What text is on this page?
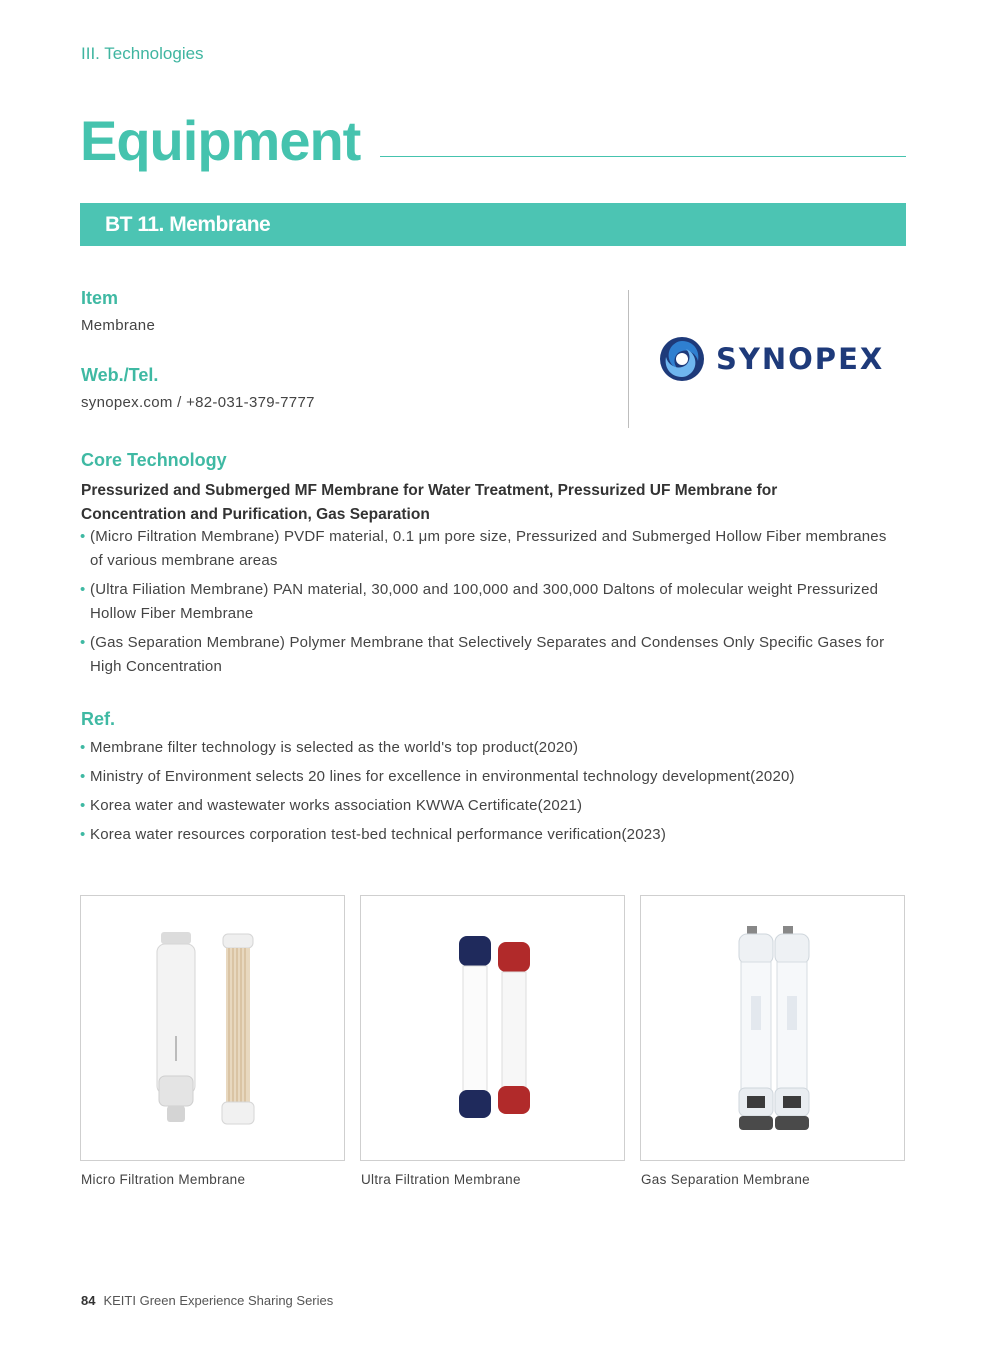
III. Technologies
Equipment
BT 11. Membrane
Item
Membrane
Web./Tel.
synopex.com / +82-031-379-7777
SYNOPEX
Core Technology
Pressurized and Submerged MF Membrane for Water Treatment, Pressurized UF Membrane for Concentration and Purification, Gas Separation
• (Micro Filtration Membrane) PVDF material, 0.1 μm pore size, Pressurized and Submerged Hollow Fiber membranes of various membrane areas
• (Ultra Filiation Membrane) PAN material, 30,000 and 100,000 and 300,000 Daltons of molecular weight Pressurized Hollow Fiber Membrane
• (Gas Separation Membrane) Polymer Membrane that Selectively Separates and Condenses Only Specific Gases for High Concentration
Ref.
• Membrane filter technology is selected as the world's top product(2020)
• Ministry of Environment selects 20 lines for excellence in environmental technology development(2020)
• Korea water and wastewater works association KWWA Certificate(2021)
• Korea water resources corporation test-bed technical performance verification(2023)
Micro Filtration Membrane	Ultra Filtration Membrane	Gas Separation Membrane
84 KEITI Green Experience Sharing Series
